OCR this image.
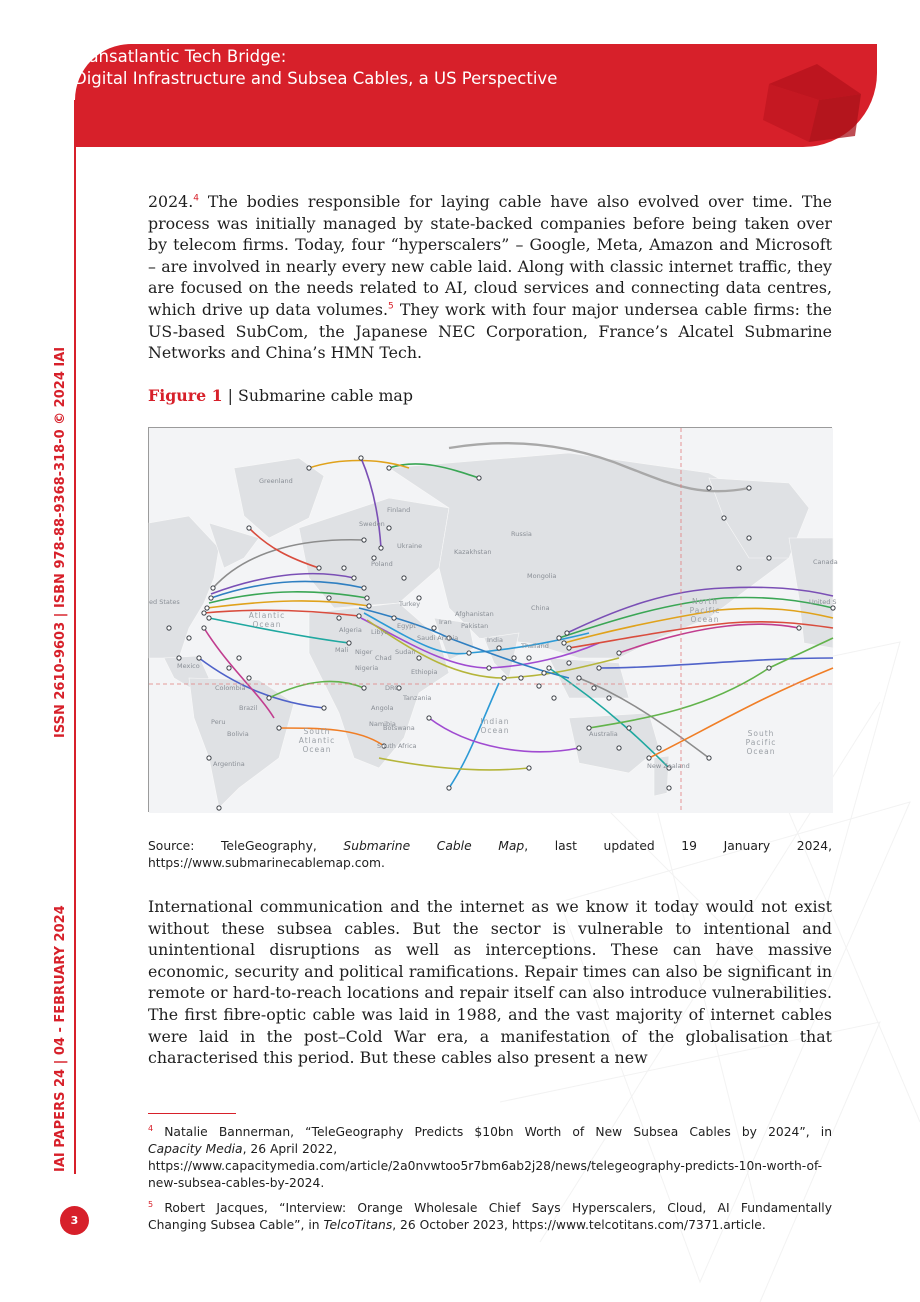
Transatlantic Tech Bridge:
Digital Infrastructure and Subsea Cables, a US Perspective
ISSN 2610-9603 | ISBN 978-88-9368-318-0 © 2024 IAI
IAI PAPERS 24 | 04 - FEBRUARY 2024
3
2024.$^4$ The bodies responsible for laying cable have also evolved over time. The process was initially managed by state-backed companies before being taken over by telecom firms. Today, four “hyperscalers” – Google, Meta, Amazon and Microsoft – are involved in nearly every new cable laid. Along with classic internet traffic, they are focused on the needs related to AI, cloud services and connecting data centres, which drive up data volumes.$^5$ They work with four major undersea cable firms: the US-based SubCom, the Japanese NEC Corporation, France’s Alcatel Submarine Networks and China’s HMN Tech.
Figure 1 | Submarine cable map
Greenland
Finland
Russia
Canada
ed States	United S
Kazakhstan
Mongolia
China
Ukraine
Poland
Sweden
Turkey
Iran
Afghanistan
Pakistan
India
Thailand
Saudi Arabia
Algeria Libya
Egypt
Mali Niger
Chad
Sudan
Nigeria	Ethiopia
DRC
Tanzania
Angola
Namibia
Botswana
South Africa
Mexico
Colombia
Peru
Brazil
Bolivia
Argentina
Australia
New Zealand
Atlantic
Ocean
North
Pacific
Ocean
South
Atlantic
Ocean
Indian
Ocean	South
Pacific
Ocean
Source: TeleGeography, Submarine Cable Map, last updated 19 January 2024, https://www.submarinecablemap.com.
International communication and the internet as we know it today would not exist without these subsea cables. But the sector is vulnerable to intentional and unintentional disruptions as well as interceptions. These can have massive economic, security and political ramifications. Repair times can also be significant in remote or hard-to-reach locations and repair itself can also introduce vulnerabilities. The first fibre-optic cable was laid in 1988, and the vast majority of internet cables were laid in the post–Cold War era, a manifestation of the globalisation that characterised this period. But these cables also present a new
$^4$ Natalie Bannerman, “TeleGeography Predicts $10bn Worth of New Subsea Cables by 2024”, in
Capacity Media, 26 April 2022, https://www.capacitymedia.com/article/2a0nvwtoo5r7bm6ab2j28/news/telegeography-predicts-10n-worth-of-new-subsea-cables-by-2024.
$^5$ Robert Jacques, “Interview: Orange Wholesale Chief Says Hyperscalers, Cloud, AI Fundamentally
Changing Subsea Cable”, in TelcoTitans, 26 October 2023, https://www.telcotitans.com/7371.article.
